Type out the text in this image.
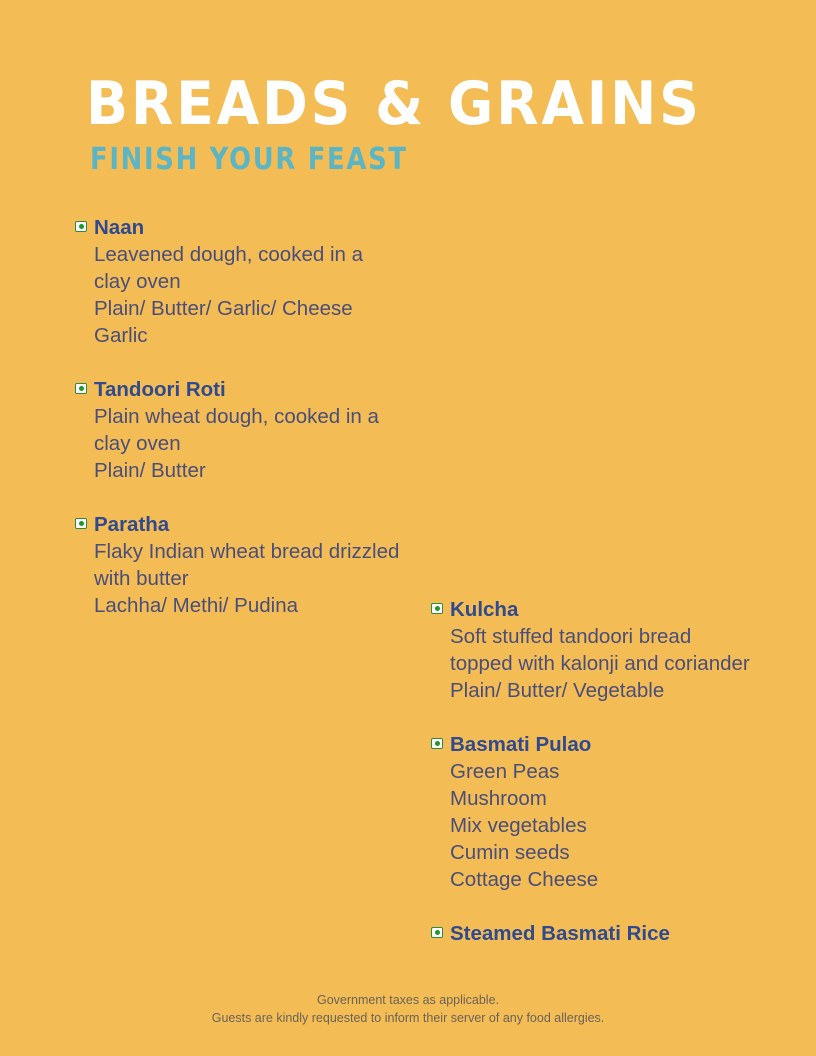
BREADS & GRAINS
FINISH YOUR FEAST
Naan
Leavened dough, cooked in a
clay oven
Plain/ Butter/ Garlic/ Cheese
Garlic
Tandoori Roti
Plain wheat dough, cooked in a
clay oven
Plain/ Butter
Paratha
Flaky Indian wheat bread drizzled
with butter
Lachha/ Methi/ Pudina	Kulcha
Soft stuffed tandoori bread
topped with kalonji and coriander
Plain/ Butter/ Vegetable
Basmati Pulao
Green Peas
Mushroom
Mix vegetables
Cumin seeds
Cottage Cheese
Steamed Basmati Rice
Government taxes as applicable.
Guests are kindly requested to inform their server of any food allergies.
